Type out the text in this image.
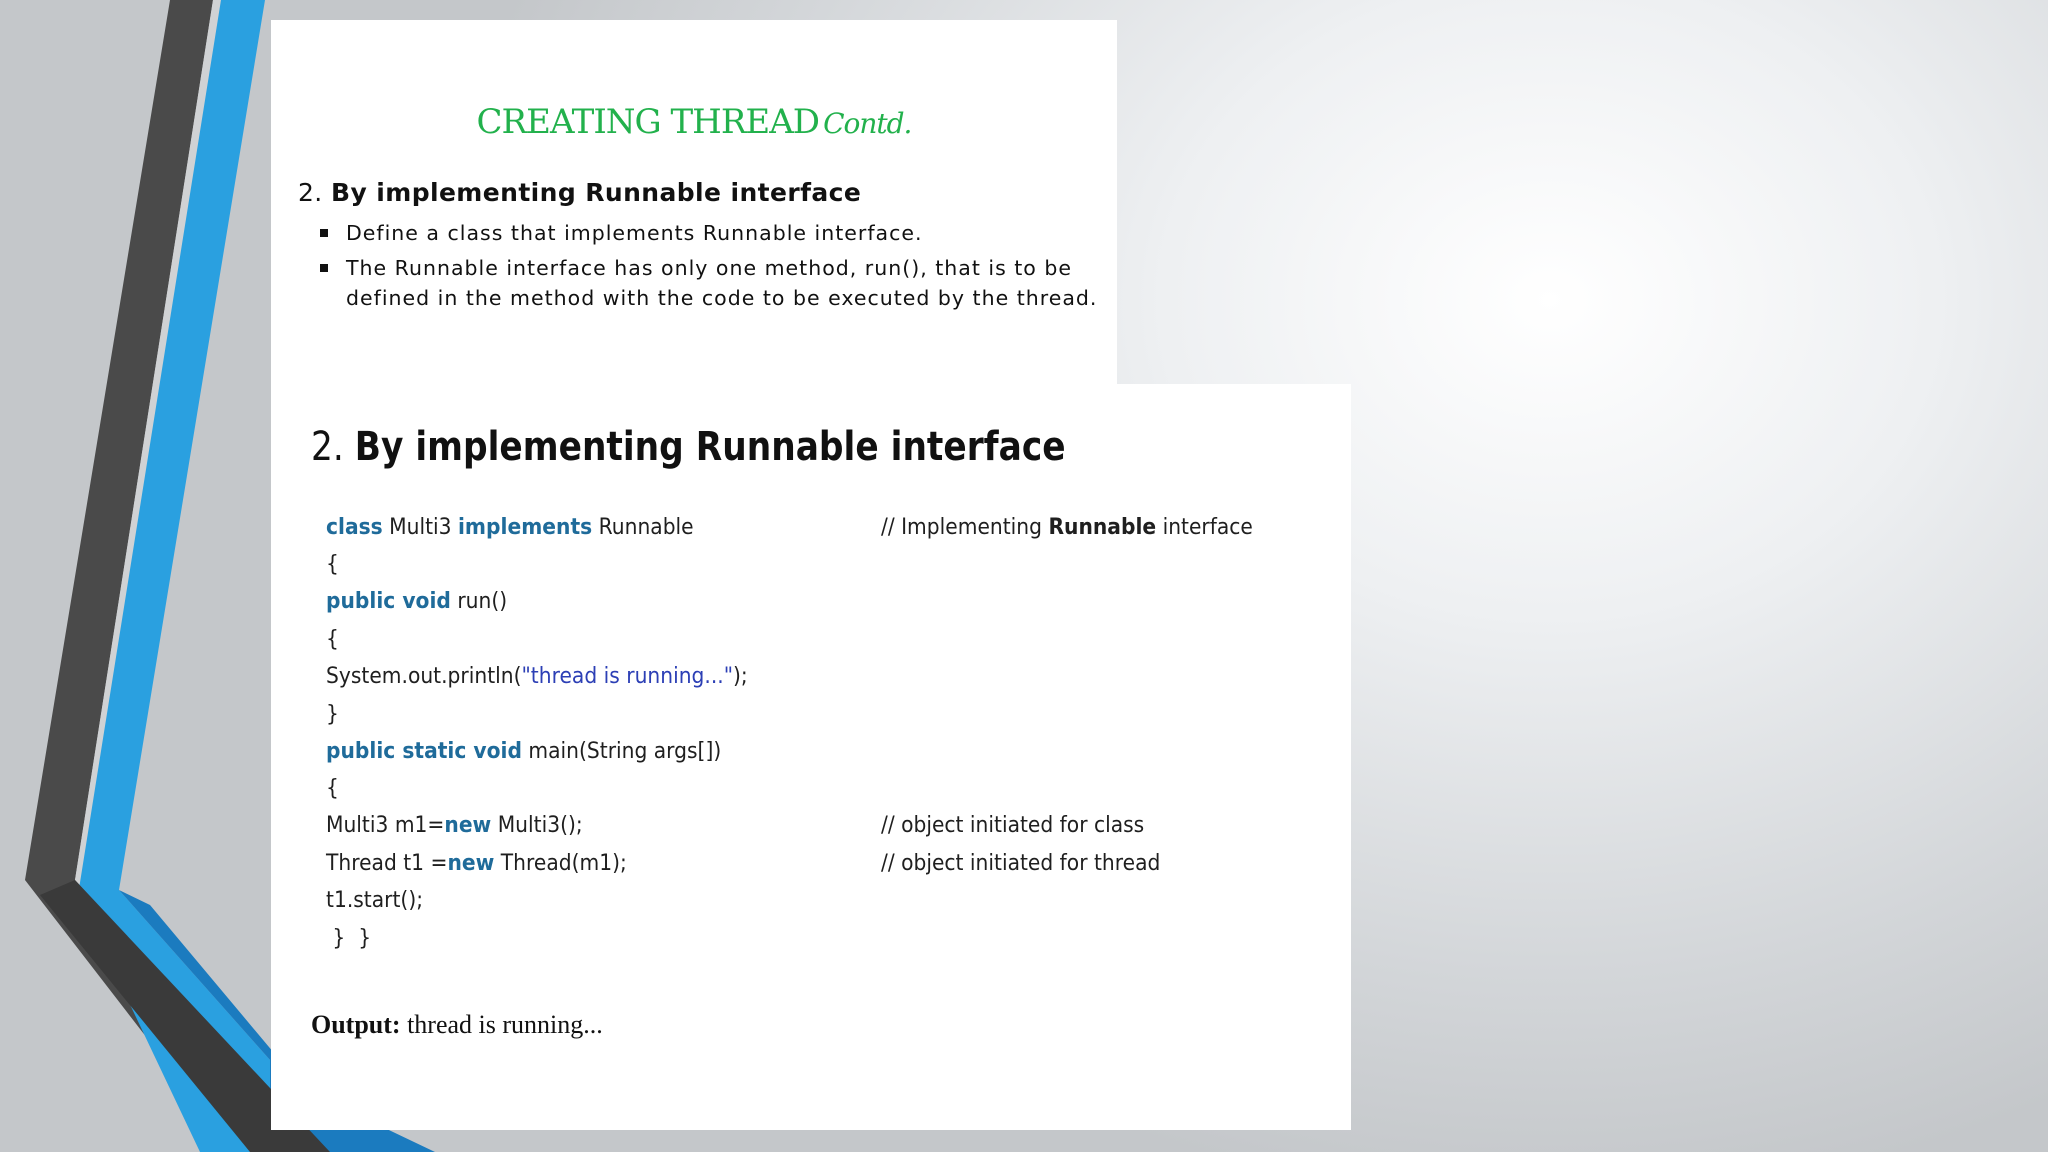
CREATING THREAD Contd.
2. By implementing Runnable interface
Define a class that implements Runnable interface.
The Runnable interface has only one method, run(), that is to be defined in the method with the code to be executed by the thread.
2. By implementing Runnable interface
class Multi3 implements Runnable	// Implementing Runnable interface
{
public void run()
{
System.out.println("thread is running...");
}
public static void main(String args[])
{
Multi3 m1=new Multi3();	// object initiated for class
Thread t1 =new Thread(m1);	// object initiated for thread
t1.start();
}  }
Output: thread is running...
